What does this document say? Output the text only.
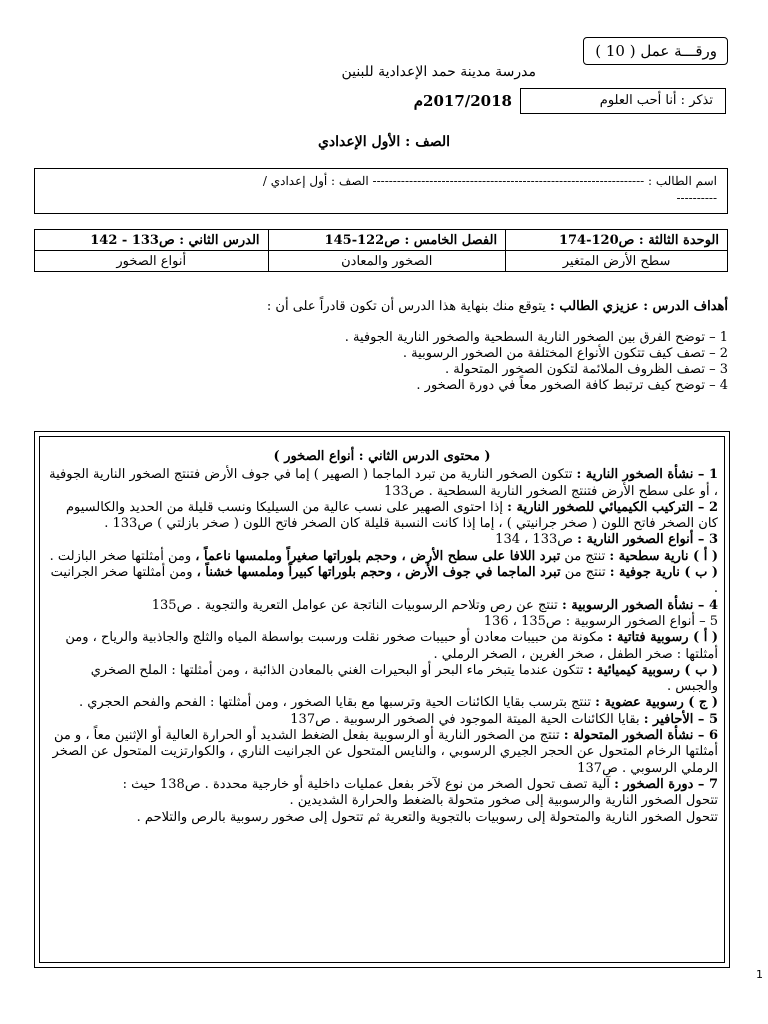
ورقـــة عمل ( 10 )
مدرسة مدينة حمد الإعدادية للبنين
تذكر : أنا أحب العلوم
2017/2018م
الصف : الأول الإعدادي
اسم الطالب : ------------------------------------------------------------------- الصف : أول إعدادي /
----------
الوحدة الثالثة : ص120-174	الفصل الخامس : ص122-145	الدرس الثاني : ص133 - 142
سطح الأرض المتغير	الصخور والمعادن	أنواع الصخور
أهداف الدرس : عزيزي الطالب : يتوقع منك بنهاية هذا الدرس أن تكون قادراً على أن :
1 – توضح الفرق بين الصخور النارية السطحية والصخور النارية الجوفية .
2 – تصف كيف تتكون الأنواع المختلفة من الصخور الرسوبية .
3 – تصف الظروف الملائمة لتكون الصخور المتحولة .
4 – توضح كيف ترتبط كافة الصخور معاً في دورة الصخور .
( محتوى الدرس الثاني : أنواع الصخور )

1 – نشأة الصخور النارية : تتكون الصخور النارية من تبرد الماجما ( الصهير ) إما في جوف الأرض فتنتج الصخور النارية الجوفية ، أو على سطح الأرض فتنتج الصخور النارية السطحية . ص133

2 – التركيب الكيميائي للصخور النارية : إذا احتوى الصهير على نسب عالية من السيليكا ونسب قليلة من الحديد والكالسيوم كان الصخر فاتح اللون ( صخر جرانيتي ) ، إما إذا كانت النسبة قليلة كان الصخر فاتح اللون ( صخر بازلتي ) ص133 .

3 – أنواع الصخور النارية : ص133 ، 134

( أ ) نارية سطحية : تنتج من تبرد اللافا على سطح الأرض ، وحجم بلوراتها صغيراً وملمسها ناعماً ، ومن أمثلتها صخر البازلت .

( ب ) نارية جوفية : تنتج من تبرد الماجما في جوف الأرض ، وحجم بلوراتها كبيراً وملمسها خشناً ، ومن أمثلتها صخر الجرانيت .

4 – نشأة الصخور الرسوبية : تنتج عن رص وتلاحم الرسوبيات الناتجة عن عوامل التعرية والتجوية . ص135

5 – أنواع الصخور الرسوبية : ص135 ، 136

( أ ) رسوبية فتاتية : مكونة من حبيبات معادن أو حبيبات صخور نقلت ورسبت بواسطة المياه والثلج والجاذبية والرياح ، ومن أمثلتها : صخر الطفل ، صخر الغرين ، الصخر الرملي .

( ب ) رسوبية كيميائية : تتكون عندما يتبخر ماء البحر أو البحيرات الغني بالمعادن الذائبة ، ومن أمثلتها : الملح الصخري والجبس .

( ج ) رسوبية عضوية : تنتج بترسب بقايا الكائنات الحية وترسبها مع بقايا الصخور ، ومن أمثلتها : الفحم والفحم الحجري .

5 – الأحافير : بقايا الكائنات الحية الميتة الموجود في الصخور الرسوبية . ص137

6 – نشأة الصخور المتحولة : تنتج من الصخور النارية أو الرسوبية بفعل الضغط الشديد أو الحرارة العالية أو الإثنين معاً ، و من أمثلتها الرخام المتحول عن الحجر الجيري الرسوبي ، والنايس المتحول عن الجرانيت الناري ، والكوارتزيت المتحول عن الصخر الرملي الرسوبي . ص137

7 – دورة الصخور : آلية تصف تحول الصخر من نوع لآخر بفعل عمليات داخلية أو خارجية محددة . ص138 حيث :

تتحول الصخور النارية والرسوبية إلى صخور متحولة بالضغط والحرارة الشديدين .

تتحول الصخور النارية والمتحولة إلى رسوبيات بالتجوية والتعرية ثم تتحول إلى صخور رسوبية بالرص والتلاحم .

1
